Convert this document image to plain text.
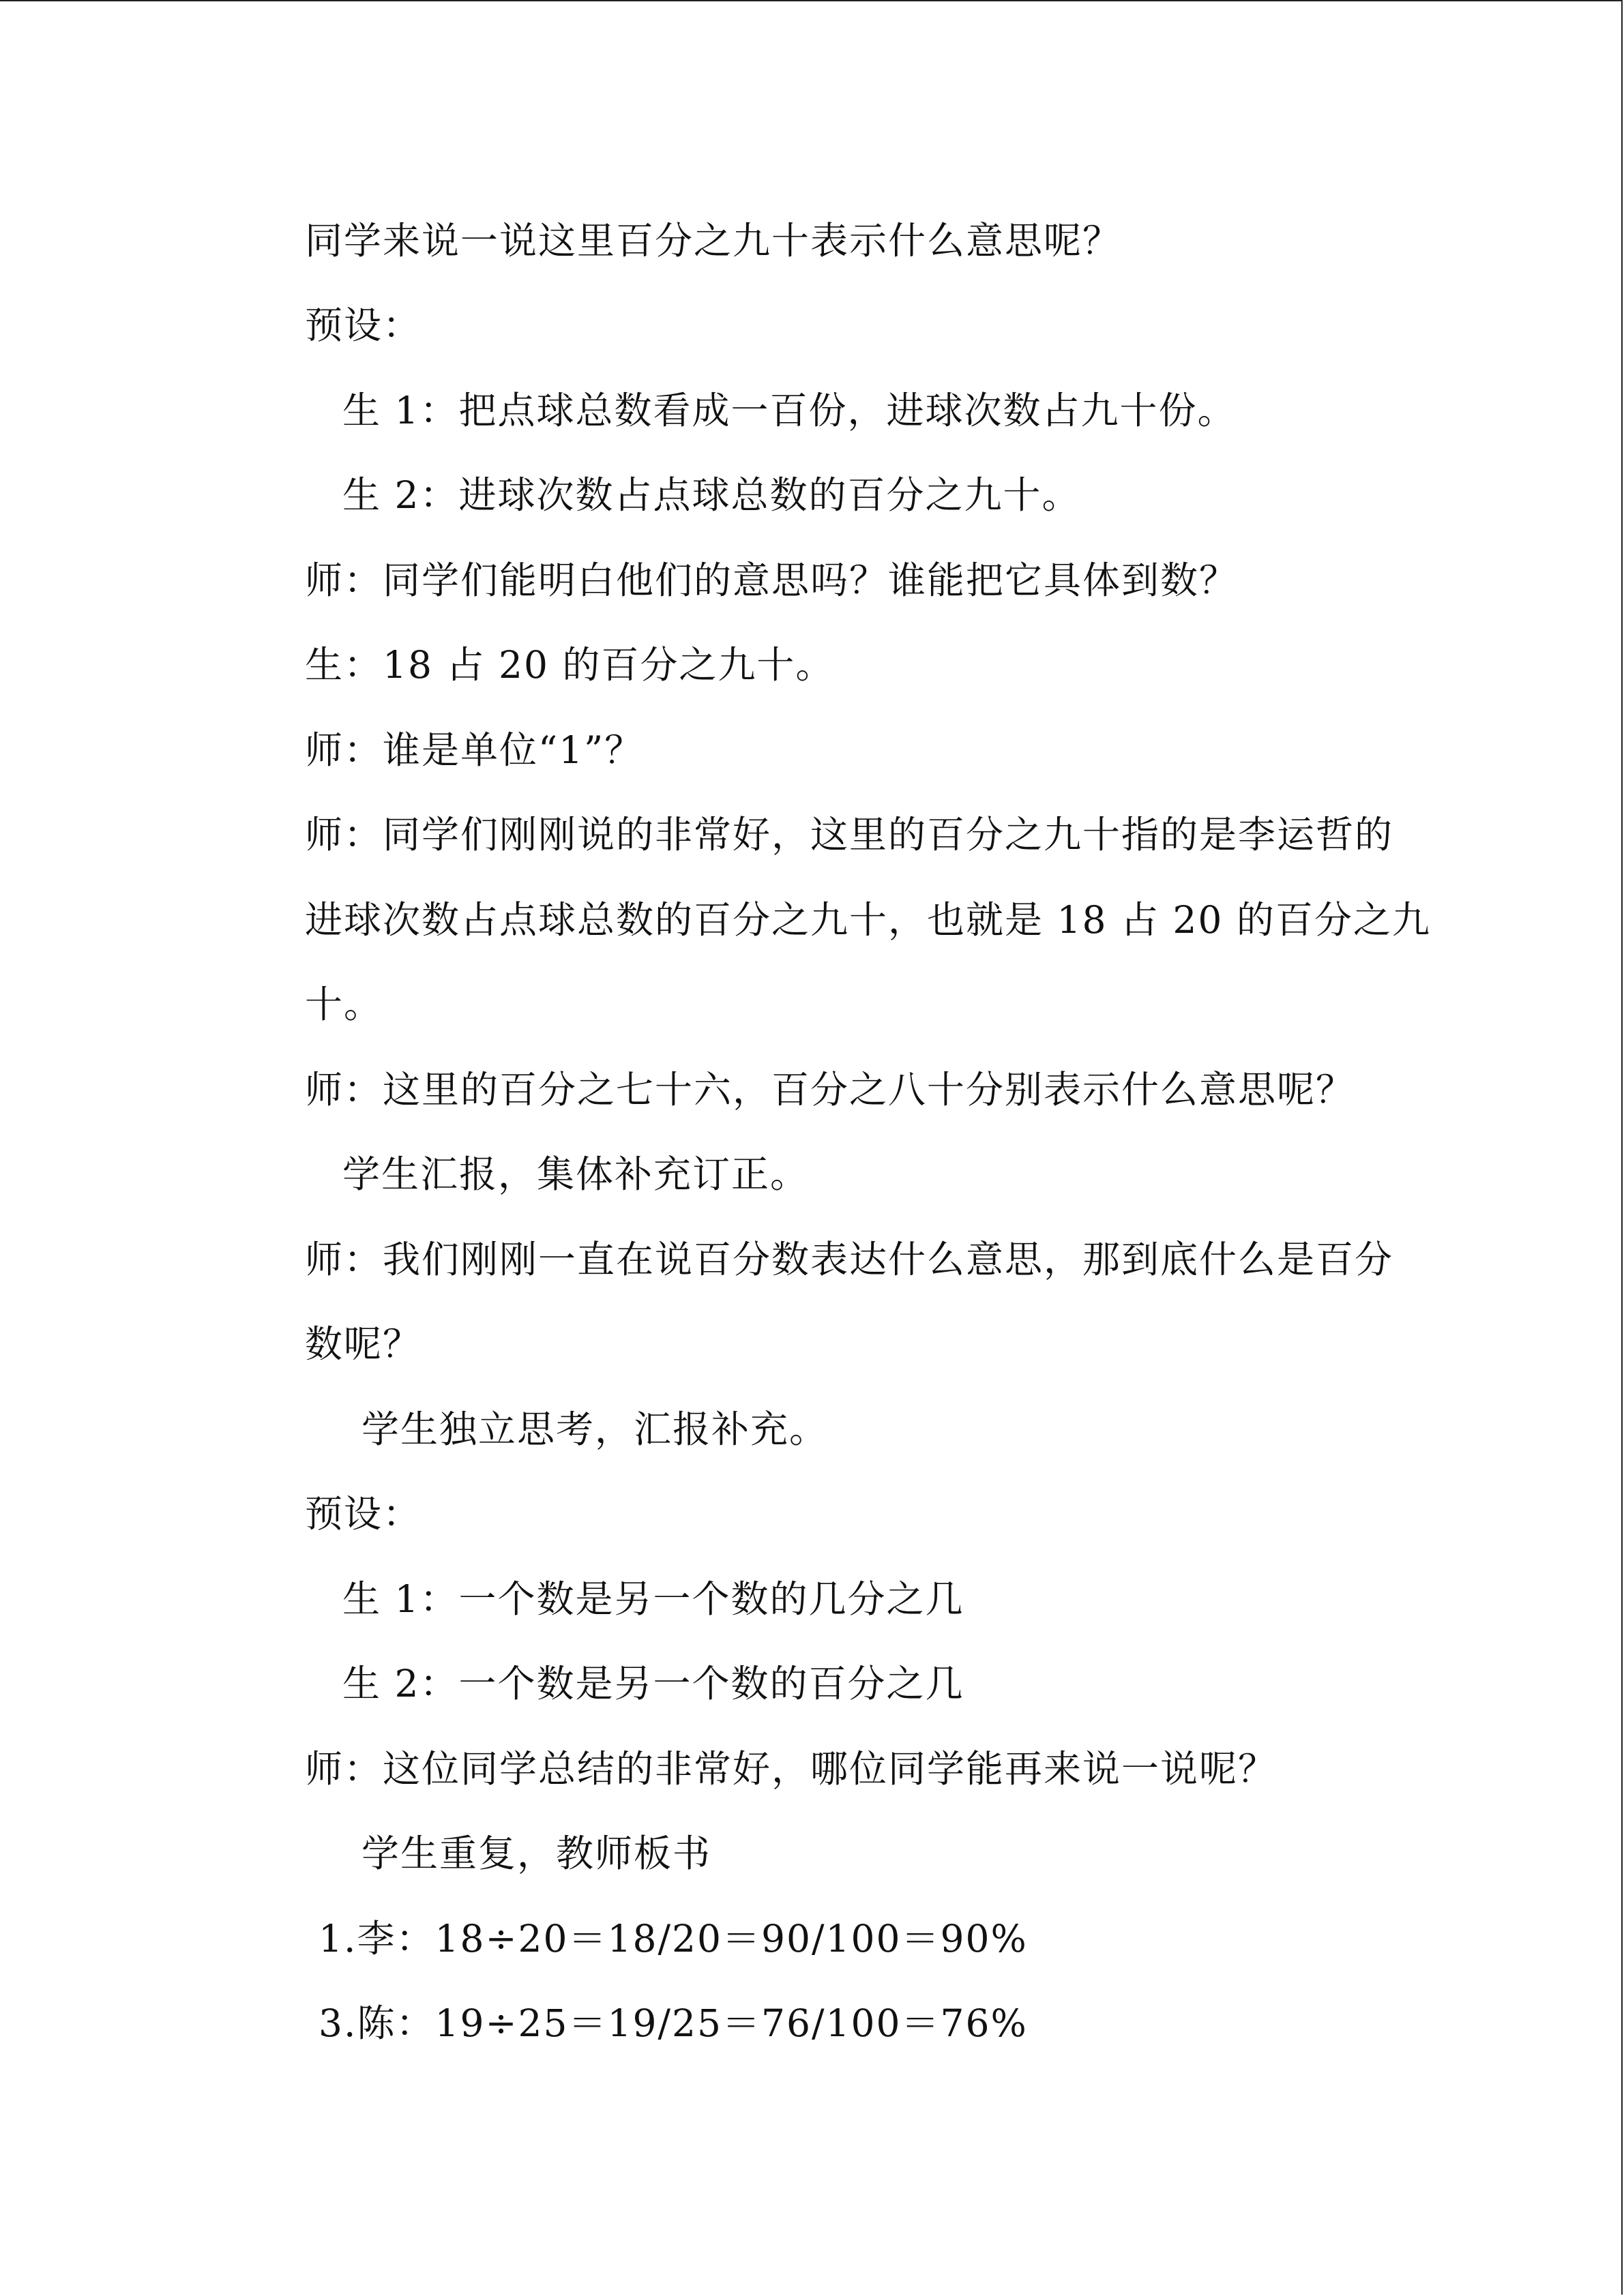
同学来说一说这里百分之九十表示什么意思呢？
预设：
生 1：把点球总数看成一百份，进球次数占九十份。
生 2：进球次数占点球总数的百分之九十。
师：同学们能明白他们的意思吗？谁能把它具体到数？
生：18 占 20 的百分之九十。
师：谁是单位“1”？
师：同学们刚刚说的非常好，这里的百分之九十指的是李运哲的
进球次数占点球总数的百分之九十，也就是 18 占 20 的百分之九
十。
师：这里的百分之七十六，百分之八十分别表示什么意思呢？
学生汇报，集体补充订正。
师：我们刚刚一直在说百分数表达什么意思，那到底什么是百分
数呢？
学生独立思考，汇报补充。
预设：
生 1：一个数是另一个数的几分之几
生 2：一个数是另一个数的百分之几
师：这位同学总结的非常好，哪位同学能再来说一说呢？
学生重复，教师板书
1.李：18÷20＝18/20＝90/100＝90%
3.陈：19÷25＝19/25＝76/100＝76%
